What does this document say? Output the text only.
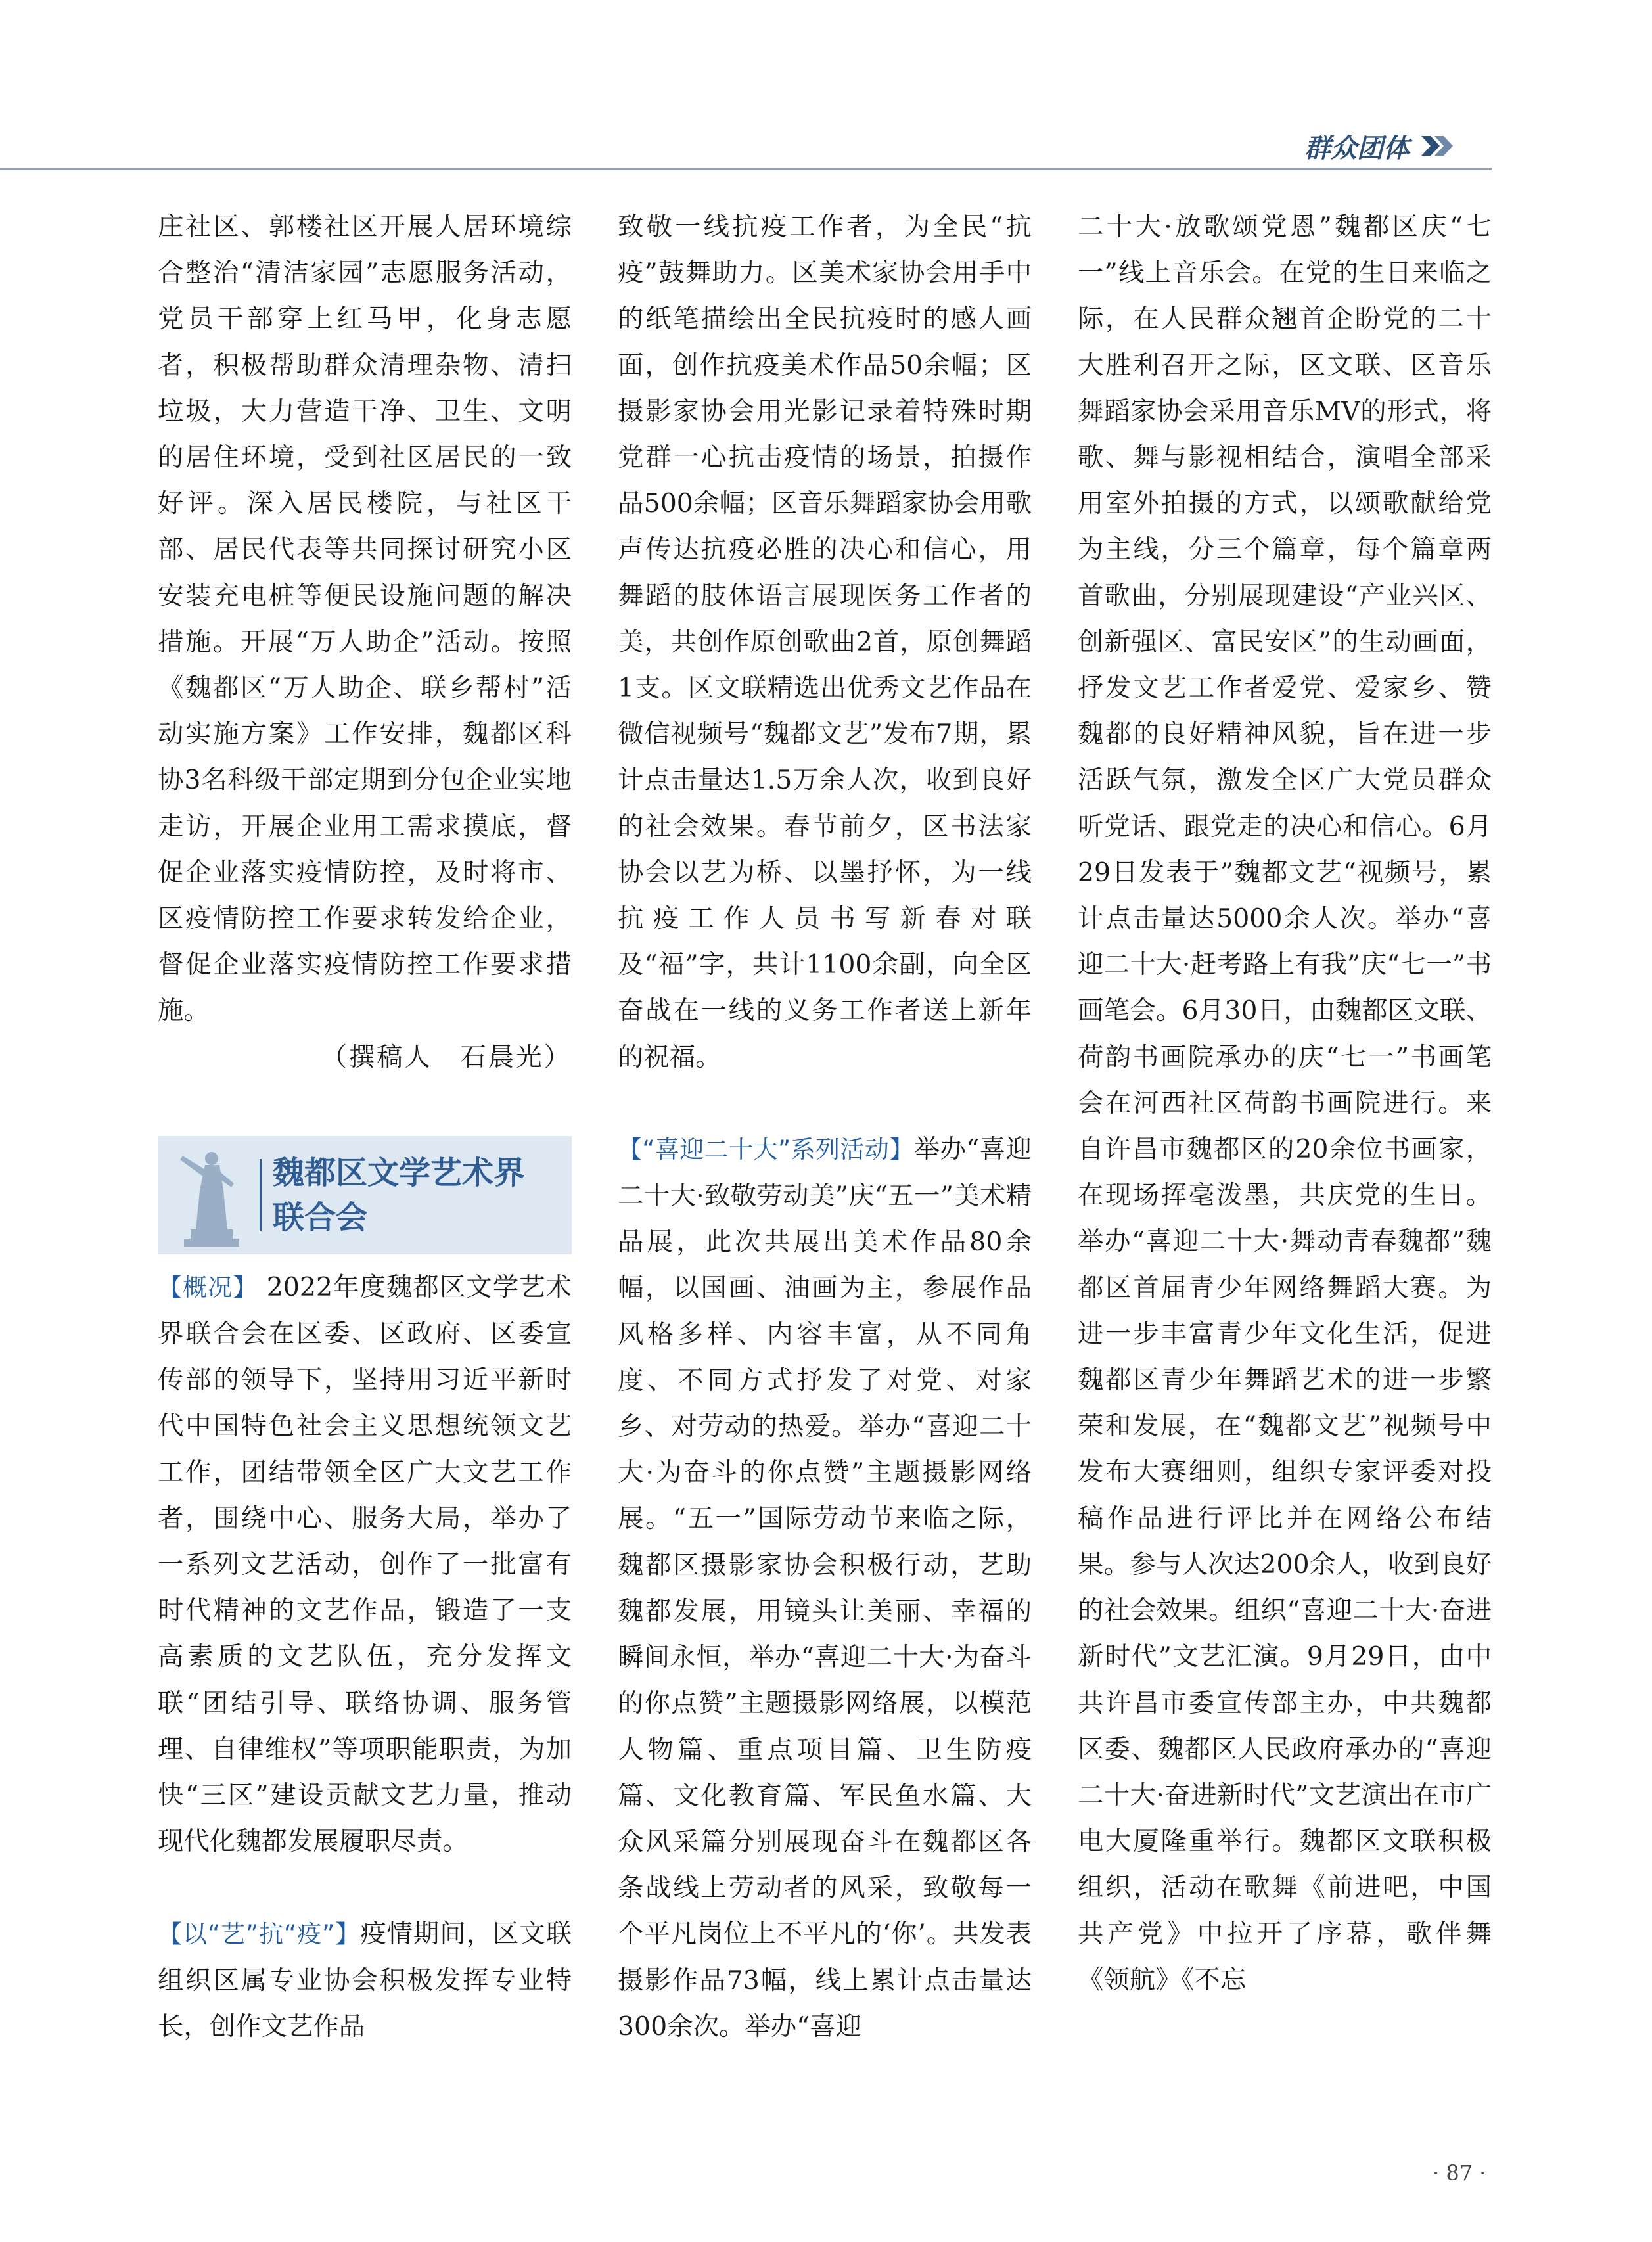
群众团体

庄社区、郭楼社区开展人居环境综合整治“清洁家园”志愿服务活动，党员干部穿上红马甲，化身志愿者，积极帮助群众清理杂物、清扫垃圾，大力营造干净、卫生、文明的居住环境，受到社区居民的一致好评。深入居民楼院，与社区干部、居民代表等共同探讨研究小区安装充电桩等便民设施问题的解决措施。开展“万人助企”活动。按照《魏都区“万人助企、联乡帮村”活动实施方案》工作安排，魏都区科协3名科级干部定期到分包企业实地走访，开展企业用工需求摸底，督促企业落实疫情防控，及时将市、区疫情防控工作要求转发给企业，督促企业落实疫情防控工作要求措施。

（撰稿人　石晨光）

魏都区文学艺术界
联合会

【概况】 2022年度魏都区文学艺术界联合会在区委、区政府、区委宣传部的领导下，坚持用习近平新时代中国特色社会主义思想统领文艺工作，团结带领全区广大文艺工作者，围绕中心、服务大局，举办了一系列文艺活动，创作了一批富有时代精神的文艺作品，锻造了一支高素质的文艺队伍，充分发挥文联“团结引导、联络协调、服务管理、自律维权”等项职能职责，为加快“三区”建设贡献文艺力量，推动现代化魏都发展履职尽责。

【以“艺”抗“疫”】疫情期间，区文联组织区属专业协会积极发挥专业特长，创作文艺作品

致敬一线抗疫工作者，为全民“抗疫”鼓舞助力。区美术家协会用手中的纸笔描绘出全民抗疫时的感人画面，创作抗疫美术作品50余幅；区摄影家协会用光影记录着特殊时期党群一心抗击疫情的场景，拍摄作品500余幅；区音乐舞蹈家协会用歌声传达抗疫必胜的决心和信心，用舞蹈的肢体语言展现医务工作者的美，共创作原创歌曲2首，原创舞蹈1支。区文联精选出优秀文艺作品在微信视频号“魏都文艺”发布7期，累计点击量达1.5万余人次，收到良好的社会效果。春节前夕，区书法家协会以艺为桥、以墨抒怀，为一线抗疫工作人员书写新春对联及“福”字，共计1100余副，向全区奋战在一线的义务工作者送上新年的祝福。

【“喜迎二十大”系列活动】举办“喜迎二十大·致敬劳动美”庆“五一”美术精品展，此次共展出美术作品80余幅，以国画、油画为主，参展作品风格多样、内容丰富，从不同角度、不同方式抒发了对党、对家乡、对劳动的热爱。举办“喜迎二十大·为奋斗的你点赞”主题摄影网络展。“五一”国际劳动节来临之际，魏都区摄影家协会积极行动，艺助魏都发展，用镜头让美丽、幸福的瞬间永恒，举办“喜迎二十大·为奋斗的你点赞”主题摄影网络展，以模范人物篇、重点项目篇、卫生防疫篇、文化教育篇、军民鱼水篇、大众风采篇分别展现奋斗在魏都区各条战线上劳动者的风采，致敬每一个平凡岗位上不平凡的‘你’。共发表摄影作品73幅，线上累计点击量达300余次。举办“喜迎

二十大·放歌颂党恩”魏都区庆“七一”线上音乐会。在党的生日来临之际，在人民群众翘首企盼党的二十大胜利召开之际，区文联、区音乐舞蹈家协会采用音乐MV的形式，将歌、舞与影视相结合，演唱全部采用室外拍摄的方式，以颂歌献给党为主线，分三个篇章，每个篇章两首歌曲，分别展现建设“产业兴区、创新强区、富民安区”的生动画面，抒发文艺工作者爱党、爱家乡、赞魏都的良好精神风貌，旨在进一步活跃气氛，激发全区广大党员群众听党话、跟党走的决心和信心。6月29日发表于”魏都文艺“视频号，累计点击量达5000余人次。举办“喜迎二十大·赶考路上有我”庆“七一”书画笔会。6月30日，由魏都区文联、荷韵书画院承办的庆“七一”书画笔会在河西社区荷韵书画院进行。来自许昌市魏都区的20余位书画家，在现场挥毫泼墨，共庆党的生日。举办“喜迎二十大·舞动青春魏都”魏都区首届青少年网络舞蹈大赛。为进一步丰富青少年文化生活，促进魏都区青少年舞蹈艺术的进一步繁荣和发展，在“魏都文艺”视频号中发布大赛细则，组织专家评委对投稿作品进行评比并在网络公布结果。参与人次达200余人，收到良好的社会效果。组织“喜迎二十大·奋进新时代”文艺汇演。9月29日，由中共许昌市委宣传部主办，中共魏都区委、魏都区人民政府承办的“喜迎二十大·奋进新时代”文艺演出在市广电大厦隆重举行。魏都区文联积极组织，活动在歌舞《前进吧，中国共产党》中拉开了序幕，歌伴舞《领航》《不忘

· 87 ·
